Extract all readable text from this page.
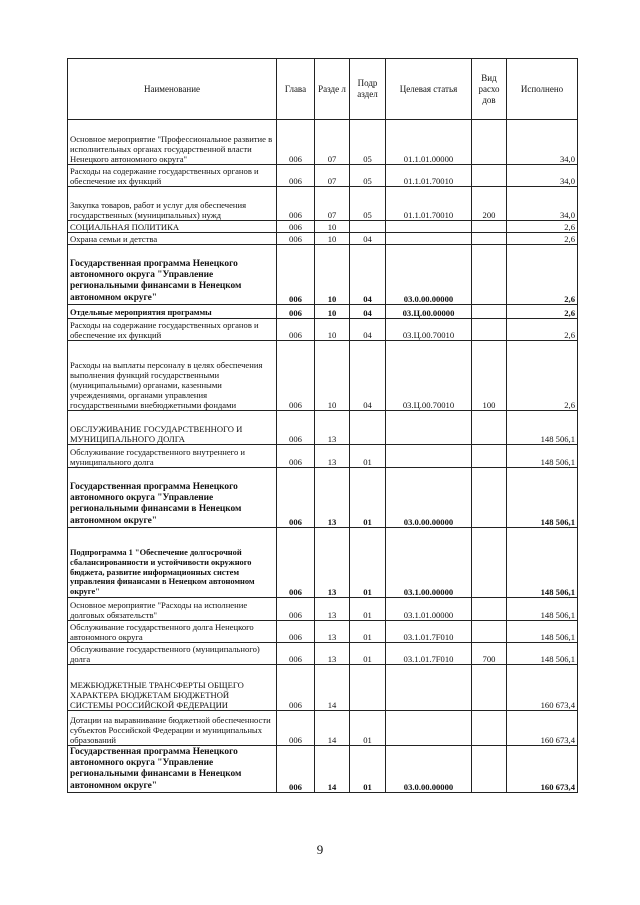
Наименование	Глава	Разде л	Подр аздел	Целевая статья	Вид расхо дов	Исполнено
Основное мероприятие "Профессиональное развитие в исполнительных органах государственной власти Ненецкого автономного округа"	006	07	05	01.1.01.00000		34,0
Расходы на содержание государственных органов и обеспечение их функций	006	07	05	01.1.01.70010		34,0
Закупка товаров, работ и услуг для обеспечения государственных (муниципальных) нужд	006	07	05	01.1.01.70010	200	34,0
СОЦИАЛЬНАЯ ПОЛИТИКА	006	10				2,6
Охрана семьи и детства	006	10	04			2,6
Государственная программа Ненецкого автономного округа "Управление региональными финансами в Ненецком автономном округе"	006	10	04	03.0.00.00000		2,6
Отдельные мероприятия программы	006	10	04	03.Ц.00.00000		2,6
Расходы на содержание государственных органов и обеспечение их функций	006	10	04	03.Ц.00.70010		2,6
Расходы на выплаты персоналу в целях обеспечения выполнения функций государственными (муниципальными) органами, казенными учреждениями, органами управления государственными внебюджетными фондами	006	10	04	03.Ц.00.70010	100	2,6
ОБСЛУЖИВАНИЕ ГОСУДАРСТВЕННОГО И МУНИЦИПАЛЬНОГО ДОЛГА	006	13				148 506,1
Обслуживание государственного внутреннего и муниципального долга	006	13	01			148 506,1
Государственная программа Ненецкого автономного округа "Управление региональными финансами в Ненецком автономном округе"	006	13	01	03.0.00.00000		148 506,1
Подпрограмма 1 "Обеспечение долгосрочной сбалансированности и устойчивости окружного бюджета, развитие информационных систем управления финансами в Ненецком автономном округе"	006	13	01	03.1.00.00000		148 506,1
Основное мероприятие "Расходы на исполнение долговых обязательств"	006	13	01	03.1.01.00000		148 506,1
Обслуживание государственного долга Ненецкого автономного округа	006	13	01	03.1.01.7F010		148 506,1
Обслуживание государственного (муниципального) долга	006	13	01	03.1.01.7F010	700	148 506,1
МЕЖБЮДЖЕТНЫЕ ТРАНСФЕРТЫ ОБЩЕГО ХАРАКТЕРА БЮДЖЕТАМ БЮДЖЕТНОЙ СИСТЕМЫ РОССИЙСКОЙ ФЕДЕРАЦИИ	006	14				160 673,4
Дотации на выравнивание бюджетной обеспеченности субъектов Российской Федерации и муниципальных образований	006	14	01			160 673,4
Государственная программа Ненецкого автономного округа "Управление региональными финансами в Ненецком автономном округе"	006	14	01	03.0.00.00000		160 673,4
9
